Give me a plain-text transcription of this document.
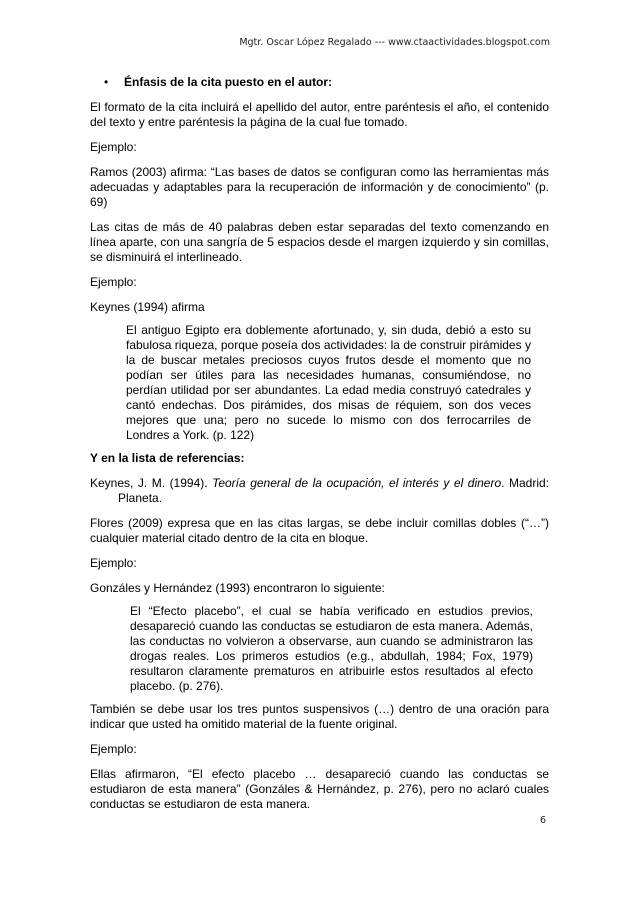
Mgtr. Oscar López Regalado --- www.ctaactividades.blogspot.com
•	Énfasis de la cita puesto en el autor:

El formato de la cita incluirá el apellido del autor, entre paréntesis el año, el contenido del texto y entre paréntesis la página de la cual fue tomado.

Ejemplo:

Ramos (2003) afirma: “Las bases de datos se configuran como las herramientas más adecuadas y adaptables para la recuperación de información y de conocimiento” (p. 69)

Las citas de más de 40 palabras deben estar separadas del texto comenzando en línea aparte, con una sangría de 5 espacios desde el margen izquierdo y sin comillas, se disminuirá el interlineado.

Ejemplo:

Keynes (1994) afirma

El antiguo Egipto era doblemente afortunado, y, sin duda, debió a esto su fabulosa riqueza, porque poseía dos actividades: la de construir pirámides y la de buscar metales preciosos cuyos frutos desde el momento que no podían ser útiles para las necesidades humanas, consumiéndose, no perdían utilidad por ser abundantes. La edad media construyó catedrales y cantó endechas. Dos pirámides, dos misas de réquiem, son dos veces mejores que una; pero no sucede lo mismo con dos ferrocarriles de Londres a York. (p. 122)

Y en la lista de referencias:

Keynes, J. M. (1994). Teoría general de la ocupación, el interés y el dinero. Madrid: Planeta.

Flores (2009) expresa que en las citas largas, se debe incluir comillas dobles (“…”) cualquier material citado dentro de la cita en bloque.

Ejemplo:

Gonzáles y Hernández (1993) encontraron lo siguiente:

El “Efecto placebo”, el cual se había verificado en estudios previos, desapareció cuando las conductas se estudiaron de esta manera. Además, las conductas no volvieron a observarse, aun cuando se administraron las drogas reales. Los primeros estudios (e.g., abdullah, 1984; Fox, 1979) resultaron claramente prematuros en atribuirle estos resultados al efecto placebo. (p. 276).

También se debe usar los tres puntos suspensivos (…) dentro de una oración para indicar que usted ha omitido material de la fuente original.

Ejemplo:

Ellas afirmaron, “El efecto placebo … desapareció cuando las conductas se estudiaron de esta manera” (Gonzáles & Hernández, p. 276), pero no aclaró cuales conductas se estudiaron de esta manera.

6
